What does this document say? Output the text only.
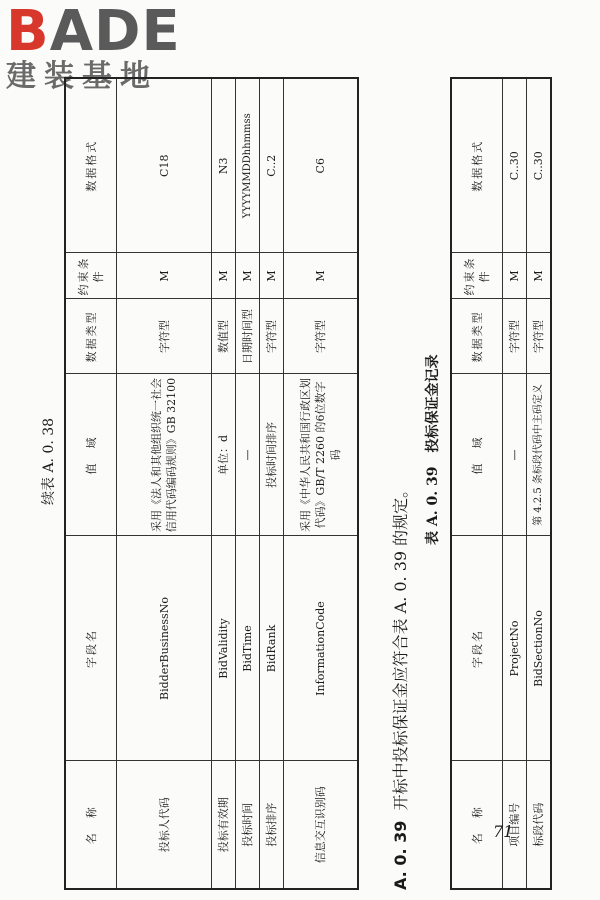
BADE
建装基地
续表 A. 0. 38
名　称	字段名	值　域	数据类型	约束条件	数据格式
投标人代码	BidderBusinessNo	采用《法人和其他组织统一社会信用代码编码规则》GB 32100	字符型	M	C18
投标有效期	BidValidity	单位：d	数值型	M	N3
投标时间	BidTime	—	日期时间型	M	YYYYMMDDhhmmss
投标排序	BidRank	投标时间排序	字符型	M	C..2
信息交互识别码	InformationCode	采用《中华人民共和国行政区划代码》GB/T 2260 的6位数字码	字符型	M	C6
A. 0. 39  开标中投标保证金应符合表 A. 0. 39 的规定。
表 A. 0. 39　投标保证金记录
名　称	字段名	值　域	数据类型	约束条件	数据格式
项目编号	ProjectNo	—	字符型	M	C..30
标段代码	BidSectionNo	第 4.2.5 条标段代码中主码定义	字符型	M	C..30
71
